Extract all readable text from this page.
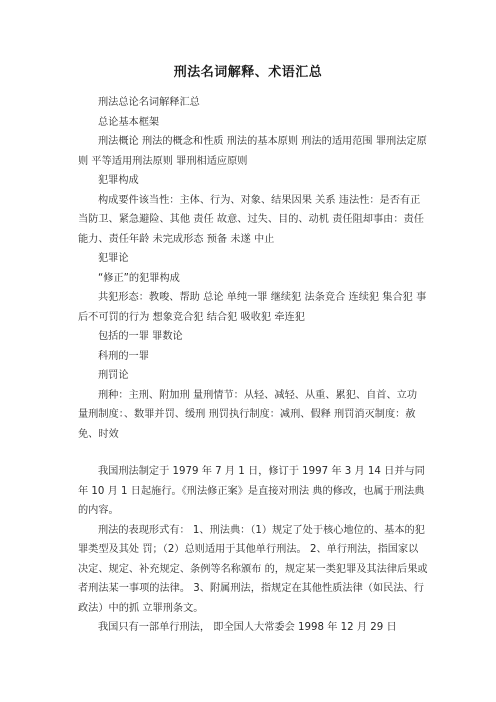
刑法名词解释、术语汇总

刑法总论名词解释汇总

总论基本框架

刑法概论 刑法的概念和性质 刑法的基本原则 刑法的适用范围 罪刑法定原则 平等适用刑法原则 罪刑相适应原则

犯罪构成

构成要件该当性：主体、行为、对象、结果因果 关系 违法性：是否有正当防卫、紧急避险、其他 责任 故意、过失、目的、动机 责任阻却事由：责任能力、责任年龄 未完成形态 预备 未遂 中止

犯罪论

“修正”的犯罪构成

共犯形态：教唆、帮助 总论 单纯一罪 继续犯 法条竞合 连续犯 集合犯 事后不可罚的行为 想象竞合犯 结合犯 吸收犯 牵连犯

包括的一罪 罪数论

科刑的一罪

刑罚论

刑种：主刑、附加刑 量刑情节：从轻、减轻、从重、累犯、自首、立功 量刑制度：、数罪并罚、缓刑 刑罚执行制度：减刑、假释 刑罚消灭制度：赦免、时效

我国刑法制定于 1979 年 7 月 1 日，修订于 1997 年 3 月 14 日并与同年 10 月 1 日起施行。《刑法修正案》是直接对刑法 典的修改，也属于刑法典的内容。

刑法的表现形式有： 1、刑法典：（1）规定了处于核心地位的、基本的犯罪类型及其处 罚；（2）总则适用于其他单行刑法。 2、单行刑法，指国家以决定、规定、补充规定、条例等名称颁布 的，规定某一类犯罪及其法律后果或者刑法某一事项的法律。 3、附属刑法，指规定在其他性质法律（如民法、行政法）中的抓 立罪刑条文。

我国只有一部单行刑法， 即全国人大常委会 1998 年 12 月 29 日
